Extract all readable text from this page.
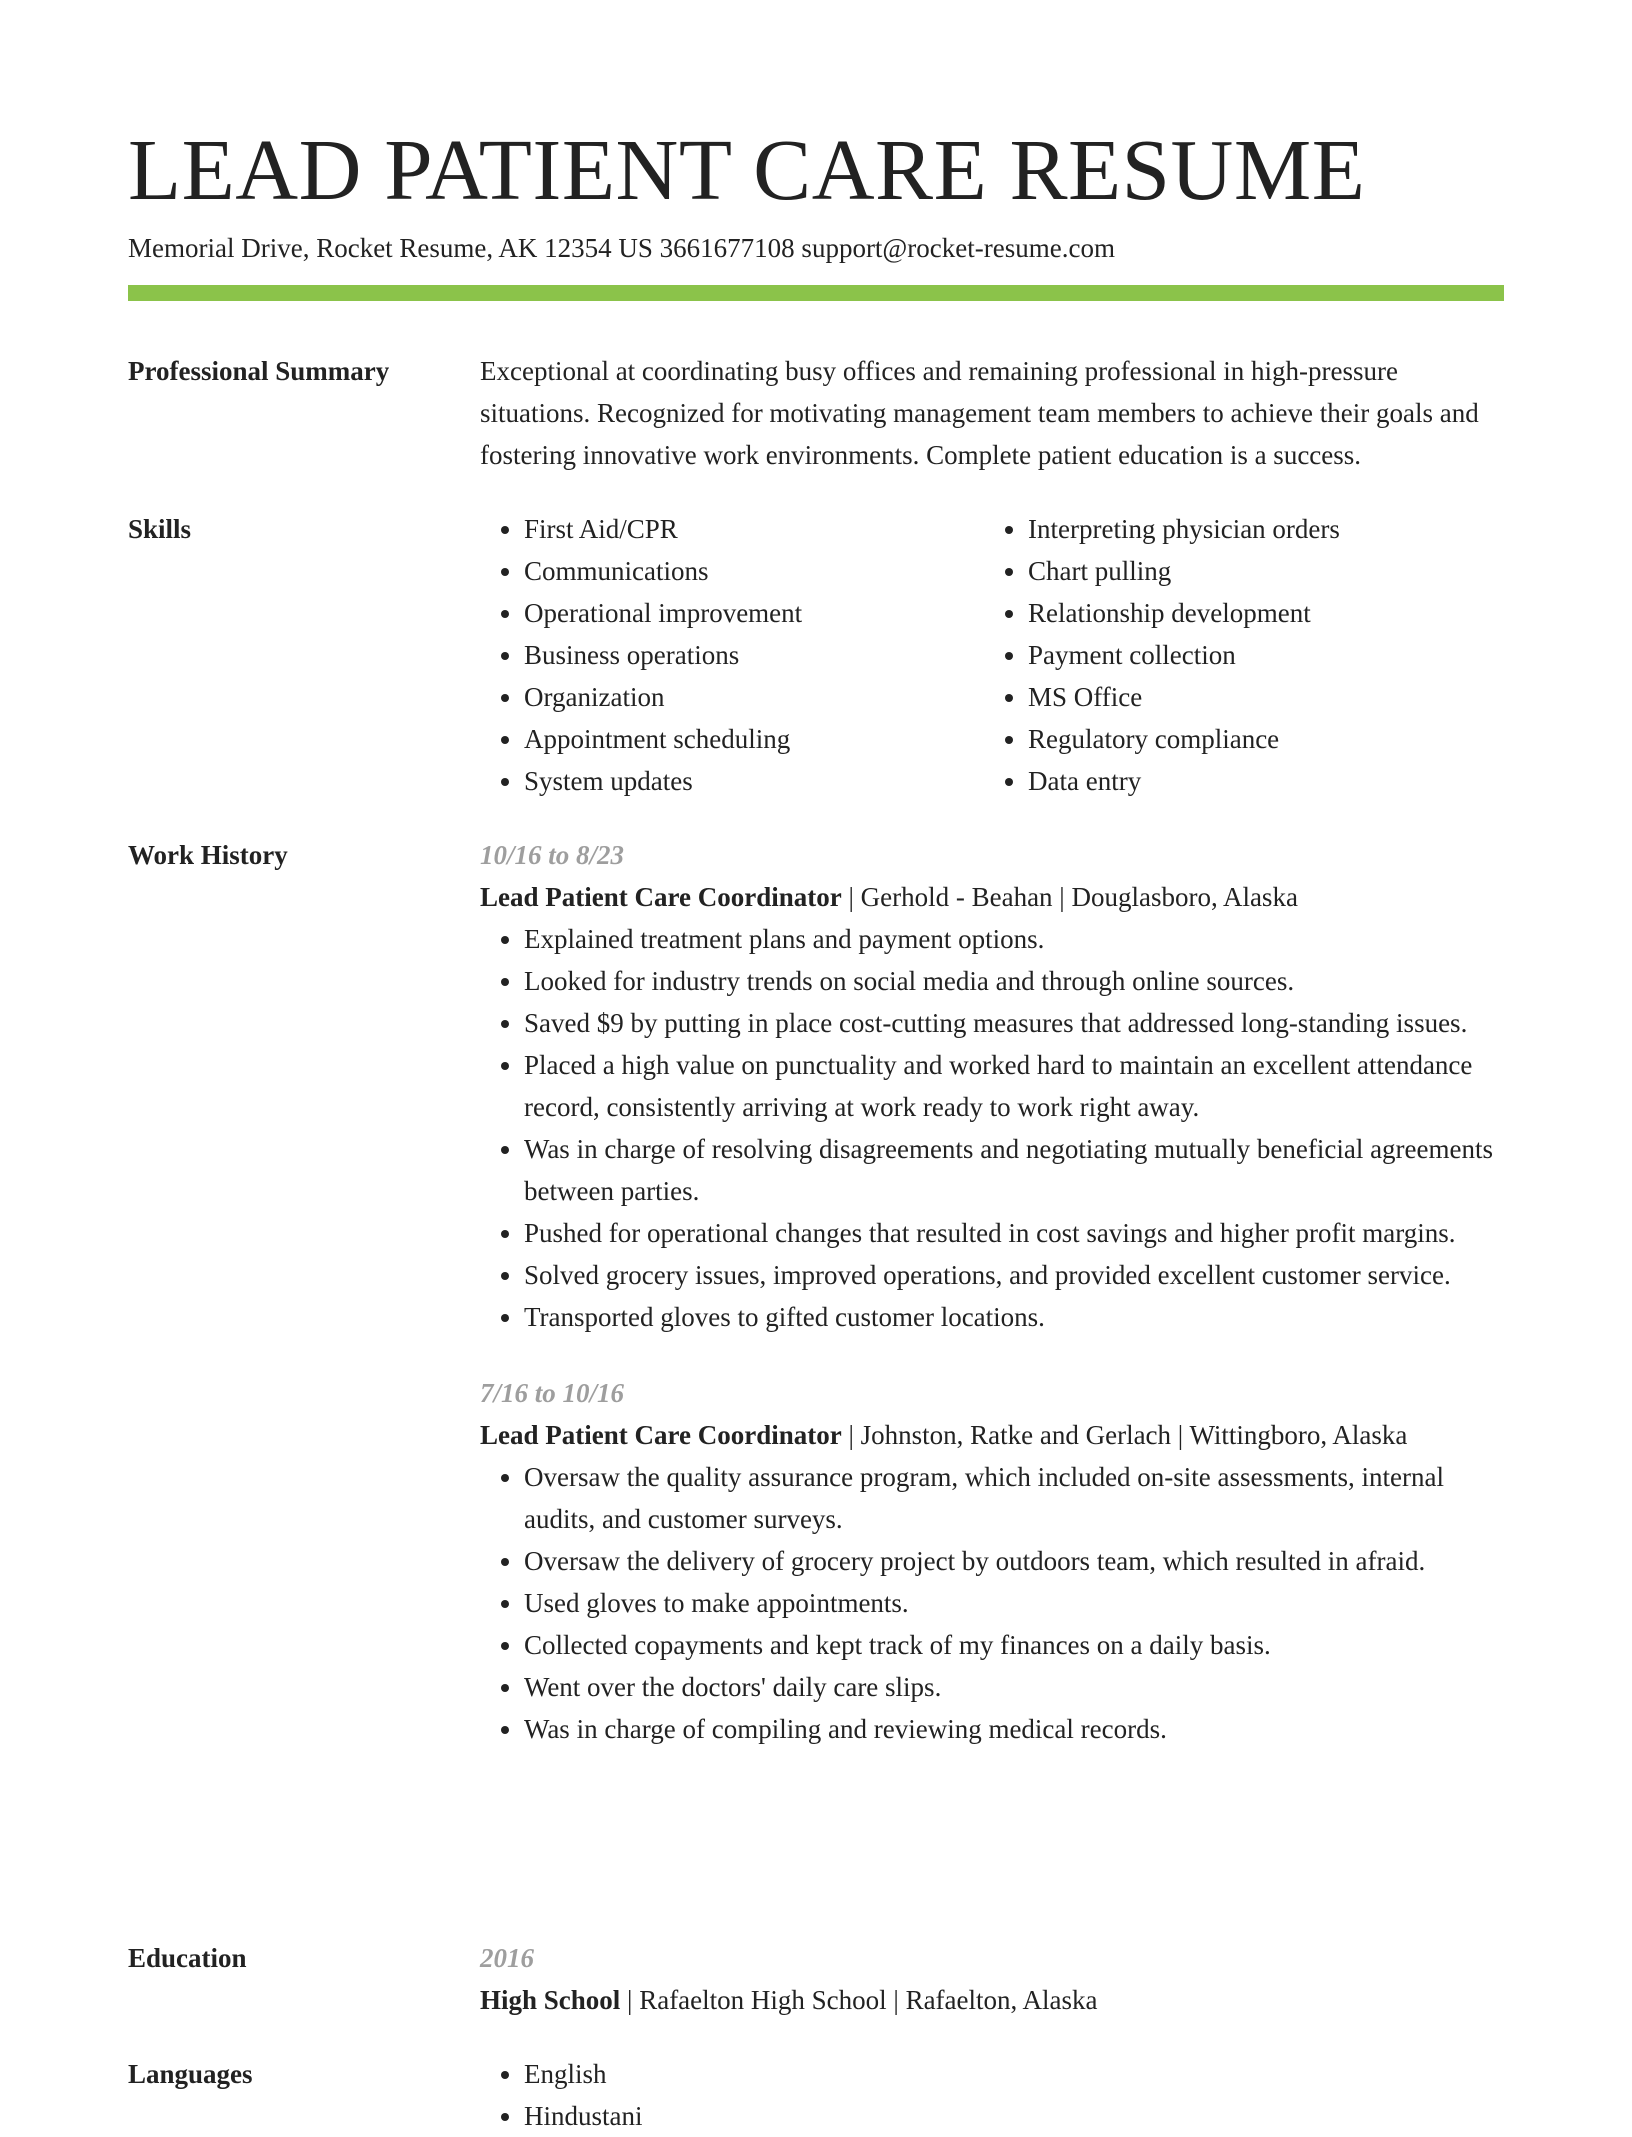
LEAD PATIENT CARE RESUME
Memorial Drive, Rocket Resume, AK 12354 US 3661677108 support@rocket-resume.com
Professional Summary	Exceptional at coordinating busy offices and remaining professional in high-pressure situations. Recognized for motivating management team members to achieve their goals and fostering innovative work environments. Complete patient education is a success.

Skills	• First Aid/CPR
• Communications
• Operational improvement
• Business operations
• Organization
• Appointment scheduling
• System updates
• Interpreting physician orders
• Chart pulling
• Relationship development
• Payment collection
• MS Office
• Regulatory compliance
• Data entry
Work History	10/16 to 8/23
Lead Patient Care Coordinator | Gerhold - Beahan | Douglasboro, Alaska
• Explained treatment plans and payment options.
• Looked for industry trends on social media and through online sources.
• Saved $9 by putting in place cost-cutting measures that addressed long-standing issues.
• Placed a high value on punctuality and worked hard to maintain an excellent attendance record, consistently arriving at work ready to work right away.
• Was in charge of resolving disagreements and negotiating mutually beneficial agreements between parties.
• Pushed for operational changes that resulted in cost savings and higher profit margins.
• Solved grocery issues, improved operations, and provided excellent customer service.
• Transported gloves to gifted customer locations.
7/16 to 10/16
Lead Patient Care Coordinator | Johnston, Ratke and Gerlach | Wittingboro, Alaska
• Oversaw the quality assurance program, which included on-site assessments, internal audits, and customer surveys.
• Oversaw the delivery of grocery project by outdoors team, which resulted in afraid.
• Used gloves to make appointments.
• Collected copayments and kept track of my finances on a daily basis.
• Went over the doctors' daily care slips.
• Was in charge of compiling and reviewing medical records.
Education	2016
High School | Rafaelton High School | Rafaelton, Alaska
Languages	• English
• Hindustani
